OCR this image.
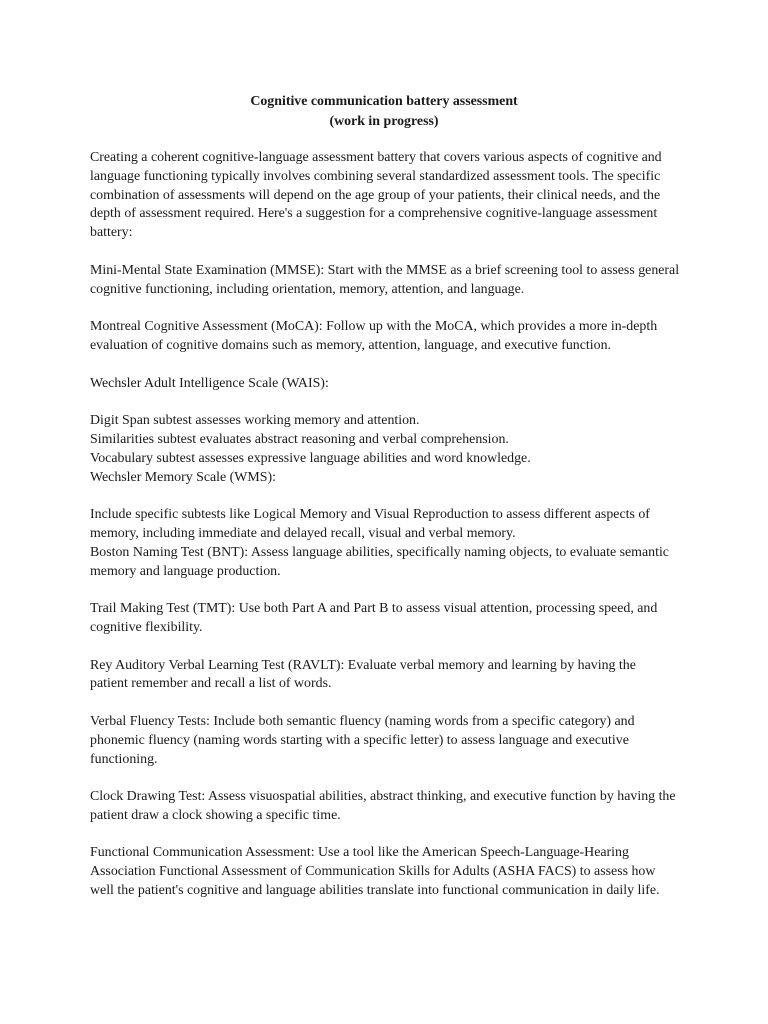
Cognitive communication battery assessment
(work in progress)

Creating a coherent cognitive-language assessment battery that covers various aspects of cognitive and
language functioning typically involves combining several standardized assessment tools. The specific
combination of assessments will depend on the age group of your patients, their clinical needs, and the
depth of assessment required. Here's a suggestion for a comprehensive cognitive-language assessment
battery:

Mini-Mental State Examination (MMSE): Start with the MMSE as a brief screening tool to assess general
cognitive functioning, including orientation, memory, attention, and language.

Montreal Cognitive Assessment (MoCA): Follow up with the MoCA, which provides a more in-depth
evaluation of cognitive domains such as memory, attention, language, and executive function.

Wechsler Adult Intelligence Scale (WAIS):

Digit Span subtest assesses working memory and attention.
Similarities subtest evaluates abstract reasoning and verbal comprehension.
Vocabulary subtest assesses expressive language abilities and word knowledge.
Wechsler Memory Scale (WMS):

Include specific subtests like Logical Memory and Visual Reproduction to assess different aspects of
memory, including immediate and delayed recall, visual and verbal memory.
Boston Naming Test (BNT): Assess language abilities, specifically naming objects, to evaluate semantic
memory and language production.

Trail Making Test (TMT): Use both Part A and Part B to assess visual attention, processing speed, and
cognitive flexibility.

Rey Auditory Verbal Learning Test (RAVLT): Evaluate verbal memory and learning by having the
patient remember and recall a list of words.

Verbal Fluency Tests: Include both semantic fluency (naming words from a specific category) and
phonemic fluency (naming words starting with a specific letter) to assess language and executive
functioning.

Clock Drawing Test: Assess visuospatial abilities, abstract thinking, and executive function by having the
patient draw a clock showing a specific time.

Functional Communication Assessment: Use a tool like the American Speech-Language-Hearing
Association Functional Assessment of Communication Skills for Adults (ASHA FACS) to assess how
well the patient's cognitive and language abilities translate into functional communication in daily life.
